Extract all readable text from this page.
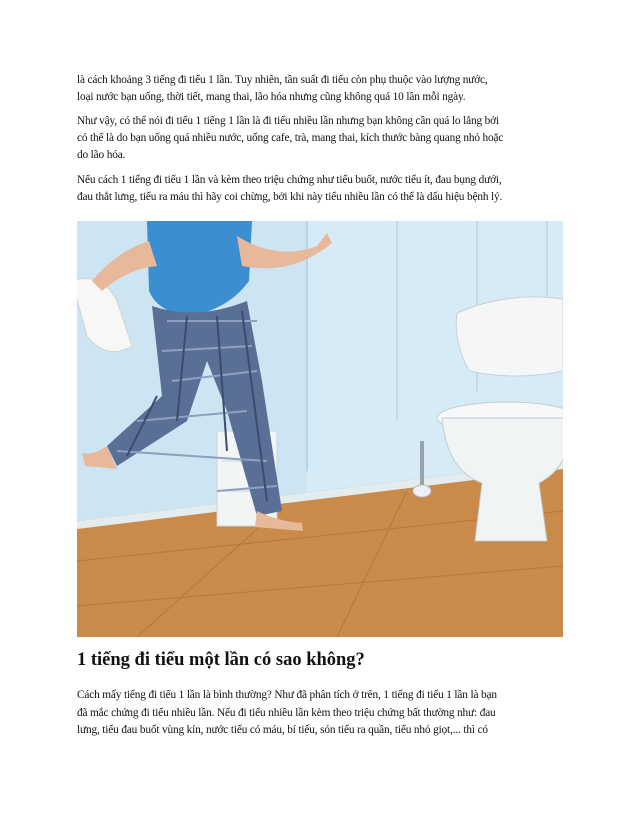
là cách khoảng 3 tiếng đi tiểu 1 lần. Tuy nhiên, tần suất đi tiểu còn phụ thuộc vào lượng nước,
loại nước bạn uống, thời tiết, mang thai, lão hóa nhưng cũng không quá 10 lần mỗi ngày.

Như vậy, có thể nói đi tiểu 1 tiếng 1 lần là đi tiểu nhiều lần nhưng bạn không cần quá lo lắng bởi
có thể là do bạn uống quá nhiều nước, uống cafe, trà, mang thai, kích thước bàng quang nhỏ hoặc
do lão hóa.

Nếu cách 1 tiếng đi tiểu 1 lần và kèm theo triệu chứng như tiểu buốt, nước tiểu ít, đau bụng dưới,
đau thắt lưng, tiểu ra máu thì hãy coi chừng, bởi khi này tiểu nhiều lần có thể là dấu hiệu bệnh lý.

1 tiếng đi tiểu một lần có sao không?

Cách mấy tiếng đi tiểu 1 lần là bình thường? Như đã phân tích ở trên, 1 tiếng đi tiểu 1 lần là bạn
đã mắc chứng đi tiểu nhiều lần. Nếu đi tiểu nhiều lần kèm theo triệu chứng bất thường như: đau
lưng, tiểu đau buốt vùng kín, nước tiểu có máu, bí tiểu, són tiểu ra quần, tiểu nhỏ giọt,... thì có
